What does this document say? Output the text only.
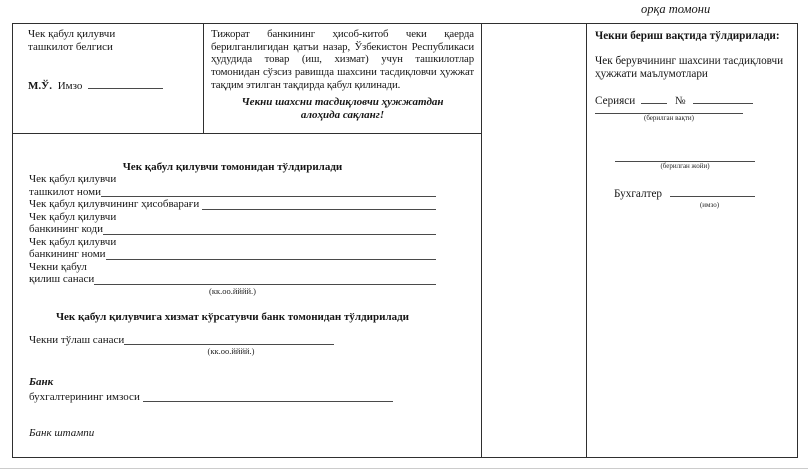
орқа томони
Чек қабул қилувчи
ташкилот белгиси
М.Ў. Имзо
Тижорат банкининг ҳисоб-китоб чеки қаерда берилганлигидан қатъи назар, Ўзбекистон Республикаси ҳудудида товар (иш, хизмат) учун ташкилотлар томонидан сўзсиз равишда шахсини тасдиқловчи ҳужжат тақдим этилган тақдирда қабул қилинади.
Чекни шахсни тасдиқловчи ҳужжатдан алоҳида сақланг!
Чек қабул қилувчи томонидан тўлдирилади
Чек қабул қилувчи
ташкилот номи
Чек қабул қилувчининг ҳисобварағи
Чек қабул қилувчи
банкининг коди
Чек қабул қилувчи
банкининг номи
Чекни қабул
қилиш санаси
(кк.оо.йййй.)
Чек қабул қилувчига хизмат кўрсатувчи банк томонидан тўлдирилади
Чекни тўлаш санаси
(кк.оо.йййй.)
Банк
бухгалтерининг имзоси
Банк штампи
Чекни бериш вақтида тўлдирилади:
Чек берувчининг шахсини тасдиқловчи ҳужжати маълумотлари
Серияси	№
(берилган вақти)
(берилган жойи)
Бухгалтер
(имзо)
